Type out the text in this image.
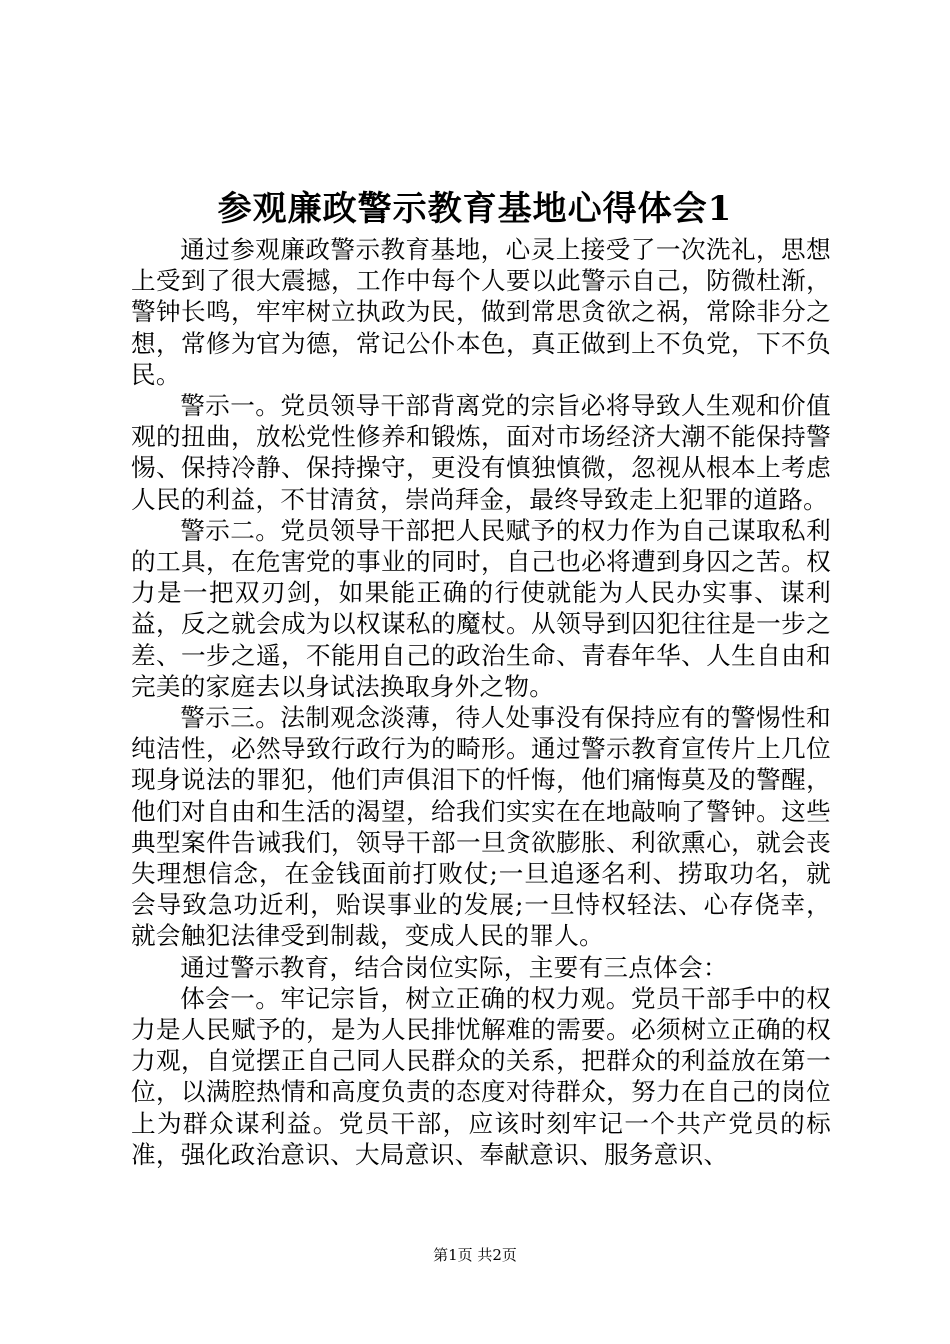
参观廉政警示教育基地心得体会1

通过参观廉政警示教育基地，心灵上接受了一次洗礼，思想上受到了很大震撼，工作中每个人要以此警示自己，防微杜渐，警钟长鸣，牢牢树立执政为民，做到常思贪欲之祸，常除非分之想，常修为官为德，常记公仆本色，真正做到上不负党，下不负民。

警示一。党员领导干部背离党的宗旨必将导致人生观和价值观的扭曲，放松党性修养和锻炼，面对市场经济大潮不能保持警惕、保持冷静、保持操守，更没有慎独慎微，忽视从根本上考虑人民的利益，不甘清贫，崇尚拜金，最终导致走上犯罪的道路。

警示二。党员领导干部把人民赋予的权力作为自己谋取私利的工具，在危害党的事业的同时，自己也必将遭到身囚之苦。权力是一把双刃剑，如果能正确的行使就能为人民办实事、谋利益，反之就会成为以权谋私的魔杖。从领导到囚犯往往是一步之差、一步之遥，不能用自己的政治生命、青春年华、人生自由和完美的家庭去以身试法换取身外之物。

警示三。法制观念淡薄，待人处事没有保持应有的警惕性和纯洁性，必然导致行政行为的畸形。通过警示教育宣传片上几位现身说法的罪犯，他们声俱泪下的忏悔，他们痛悔莫及的警醒，他们对自由和生活的渴望，给我们实实在在地敲响了警钟。这些典型案件告诫我们，领导干部一旦贪欲膨胀、利欲熏心，就会丧失理想信念，在金钱面前打败仗;一旦追逐名利、捞取功名，就会导致急功近利，贻误事业的发展;一旦恃权轻法、心存侥幸，就会触犯法律受到制裁，变成人民的罪人。

通过警示教育，结合岗位实际，主要有三点体会：

体会一。牢记宗旨，树立正确的权力观。党员干部手中的权力是人民赋予的，是为人民排忧解难的需要。必须树立正确的权力观，自觉摆正自己同人民群众的关系，把群众的利益放在第一位，以满腔热情和高度负责的态度对待群众，努力在自己的岗位上为群众谋利益。党员干部，应该时刻牢记一个共产党员的标准，强化政治意识、大局意识、奉献意识、服务意识、

第1页 共2页
